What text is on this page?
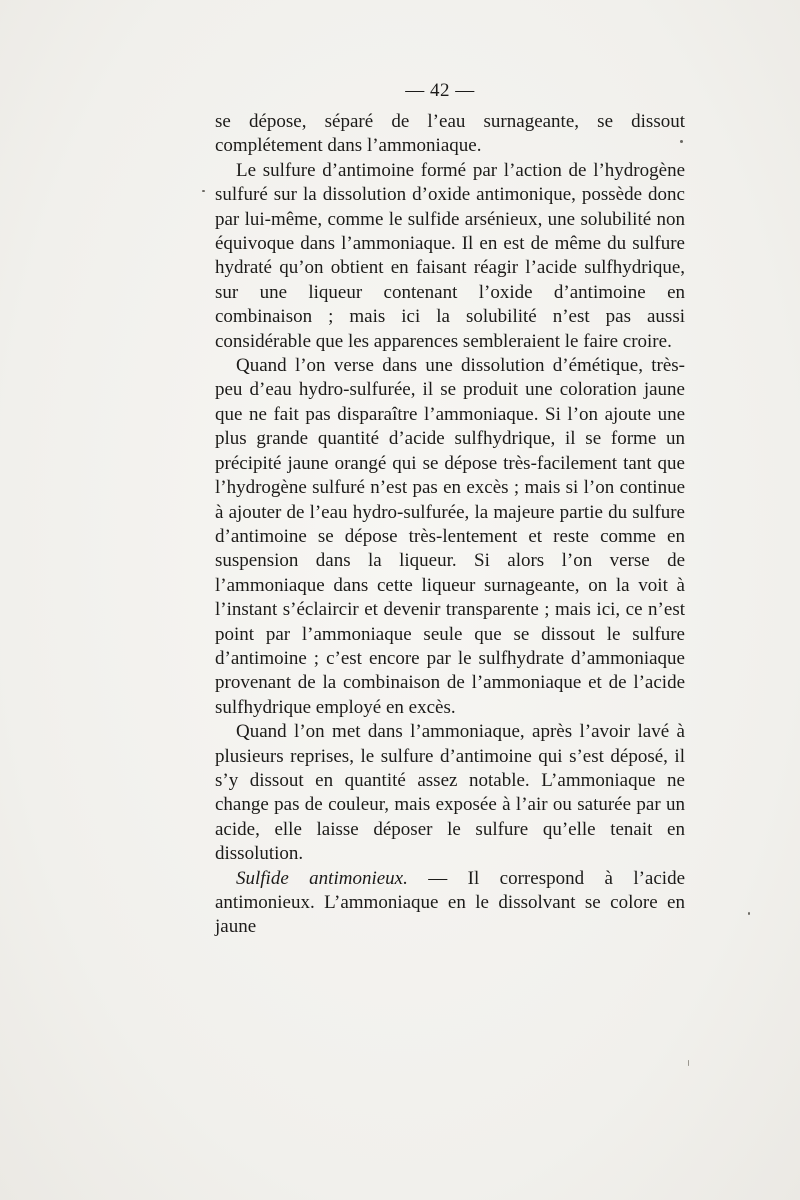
— 42 —

se dépose, séparé de l’eau surnageante, se dissout complétement dans l’ammoniaque.

Le sulfure d’antimoine formé par l’action de l’hydrogène sulfuré sur la dissolution d’oxide antimonique, possède donc par lui-même, comme le sulfide arsénieux, une solubilité non équivoque dans l’ammoniaque. Il en est de même du sulfure hydraté qu’on obtient en faisant réagir l’acide sulfhydrique, sur une liqueur contenant l’oxide d’antimoine en combinaison ; mais ici la solubilité n’est pas aussi considérable que les apparences sembleraient le faire croire.

Quand l’on verse dans une dissolution d’émétique, très-peu d’eau hydro-sulfurée, il se produit une coloration jaune que ne fait pas disparaître l’ammoniaque. Si l’on ajoute une plus grande quantité d’acide sulfhydrique, il se forme un précipité jaune orangé qui se dépose très-facilement tant que l’hydrogène sulfuré n’est pas en excès ; mais si l’on continue à ajouter de l’eau hydro-sulfurée, la majeure partie du sulfure d’antimoine se dépose très-lentement et reste comme en suspension dans la liqueur. Si alors l’on verse de l’ammoniaque dans cette liqueur surnageante, on la voit à l’instant s’éclaircir et devenir transparente ; mais ici, ce n’est point par l’ammoniaque seule que se dissout le sulfure d’antimoine ; c’est encore par le sulfhydrate d’ammoniaque provenant de la combinaison de l’ammoniaque et de l’acide sulfhydrique employé en excès.

Quand l’on met dans l’ammoniaque, après l’avoir lavé à plusieurs reprises, le sulfure d’antimoine qui s’est déposé, il s’y dissout en quantité assez notable. L’ammoniaque ne change pas de couleur, mais exposée à l’air ou saturée par un acide, elle laisse déposer le sulfure qu’elle tenait en dissolution.

Sulfide antimonieux. — Il correspond à l’acide antimonieux. L’ammoniaque en le dissolvant se colore en jaune
